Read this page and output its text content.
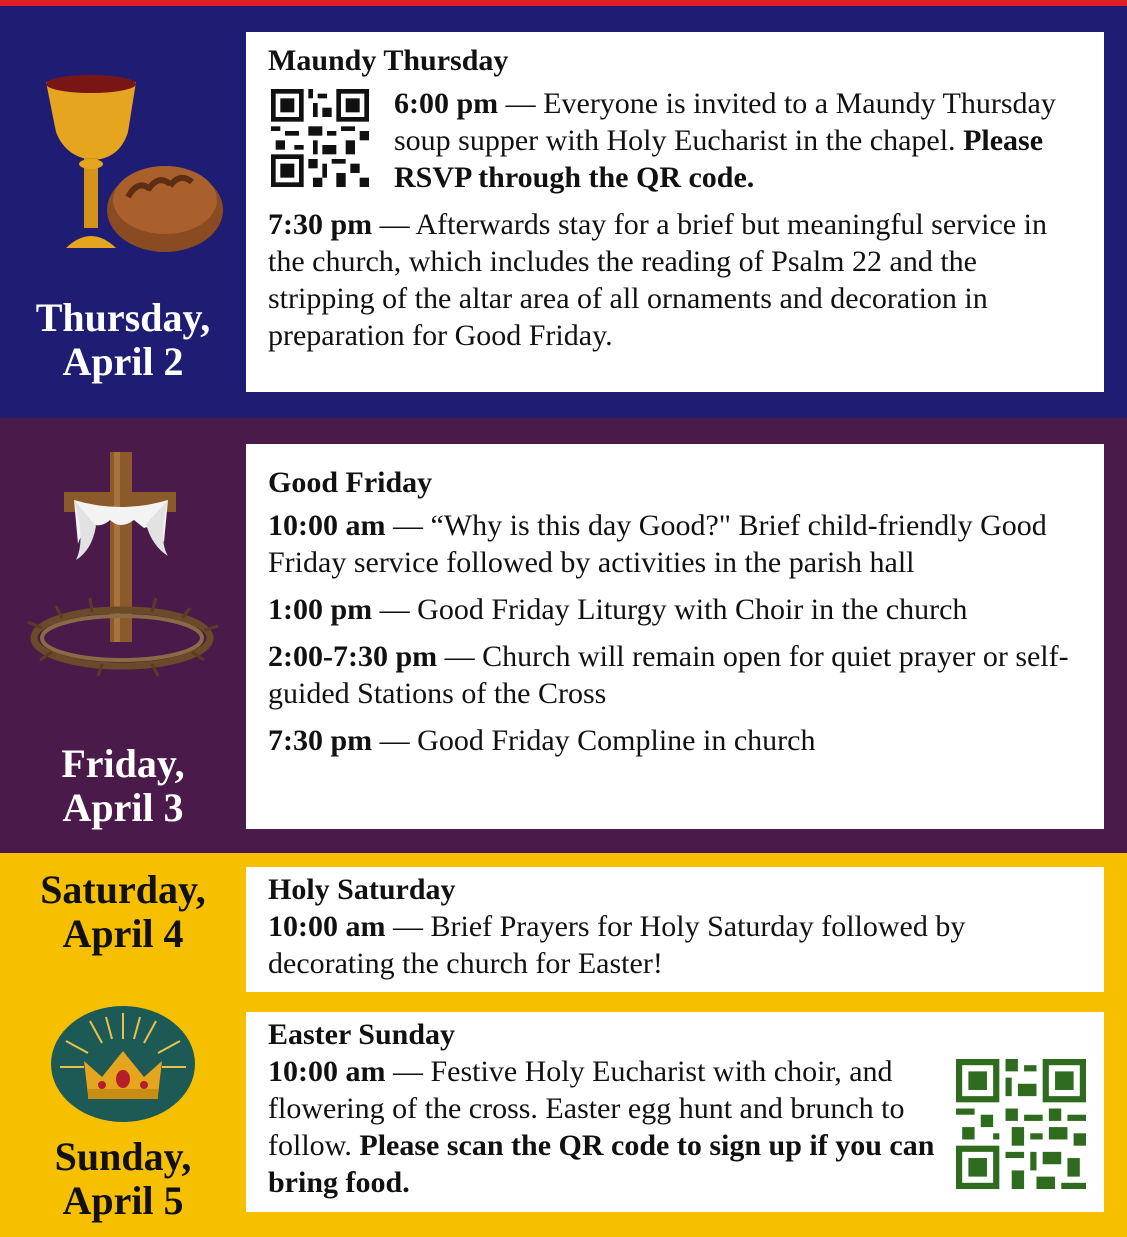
Thursday,
April 2
Maundy Thursday

6:00 pm — Everyone is invited to a Maundy Thursday soup supper with Holy Eucharist in the chapel. Please RSVP through the QR code.

7:30 pm — Afterwards stay for a brief but meaningful service in the church, which includes the reading of Psalm 22 and the stripping of the altar area of all ornaments and decoration in preparation for Good Friday.

Friday,
April 3
Good Friday

10:00 am — “Why is this day Good?" Brief child-friendly Good Friday service followed by activities in the parish hall

1:00 pm — Good Friday Liturgy with Choir in the church

2:00-7:30 pm — Church will remain open for quiet prayer or self-guided Stations of the Cross

7:30 pm — Good Friday Compline in church

Saturday,
April 4
Holy Saturday

10:00 am — Brief Prayers for Holy Saturday followed by decorating the church for Easter!

Sunday,
April 5
Easter Sunday

10:00 am — Festive Holy Eucharist with choir, and flowering of the cross. Easter egg hunt and brunch to follow. Please scan the QR code to sign up if you can bring food.
